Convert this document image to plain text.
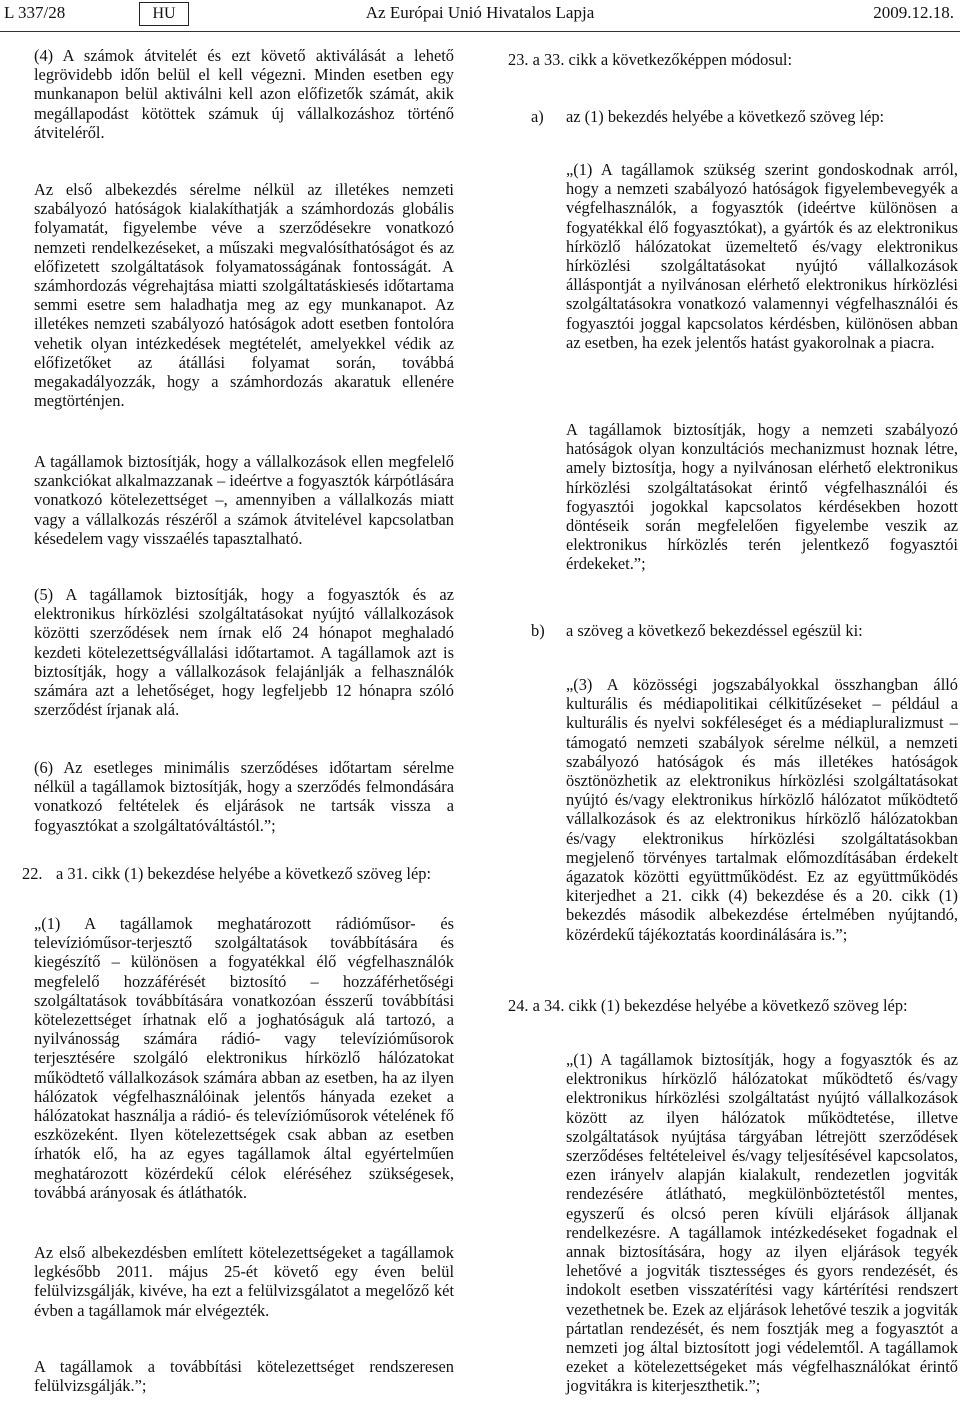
L 337/28	HU	Az Európai Unió Hivatalos Lapja	2009.12.18.

(4) A számok átvitelét és ezt követő aktiválását a lehető legrövidebb időn belül el kell végezni. Minden esetben egy munkanapon belül aktiválni kell azon előfizetők számát, akik megállapodást kötöttek számuk új vállalkozáshoz történő átviteléről.

Az első albekezdés sérelme nélkül az illetékes nemzeti szabályozó hatóságok kialakíthatják a számhordozás globális folyamatát, figyelembe véve a szerződésekre vonatkozó nemzeti rendelkezéseket, a műszaki megvalósíthatóságot és az előfizetett szolgáltatások folyamatosságának fontosságát. A számhordozás végrehajtása miatti szolgáltatáskiesés időtartama semmi esetre sem haladhatja meg az egy munkanapot. Az illetékes nemzeti szabályozó hatóságok adott esetben fontolóra vehetik olyan intézkedések megtételét, amelyekkel védik az előfizetőket az átállási folyamat során, továbbá megakadályozzák, hogy a számhordozás akaratuk ellenére megtörténjen.

A tagállamok biztosítják, hogy a vállalkozások ellen megfelelő szankciókat alkalmazzanak – ideértve a fogyasztók kárpótlására vonatkozó kötelezettséget –, amennyiben a vállalkozás miatt vagy a vállalkozás részéről a számok átvitelével kapcsolatban késedelem vagy visszaélés tapasztalható.

(5) A tagállamok biztosítják, hogy a fogyasztók és az elektronikus hírközlési szolgáltatásokat nyújtó vállalkozások közötti szerződések nem írnak elő 24 hónapot meghaladó kezdeti kötelezettségvállalási időtartamot. A tagállamok azt is biztosítják, hogy a vállalkozások felajánlják a felhasználók számára azt a lehetőséget, hogy legfeljebb 12 hónapra szóló szerződést írjanak alá.

(6) Az esetleges minimális szerződéses időtartam sérelme nélkül a tagállamok biztosítják, hogy a szerződés felmondására vonatkozó feltételek és eljárások ne tartsák vissza a fogyasztókat a szolgáltatóváltástól.”;

22. a 31. cikk (1) bekezdése helyébe a következő szöveg lép:

„(1) A tagállamok meghatározott rádióműsor- és televízióműsor-terjesztő szolgáltatások továbbítására és kiegészítő – különösen a fogyatékkal élő végfelhasználók megfelelő hozzáférését biztosító – hozzáférhetőségi szolgáltatások továbbítására vonatkozóan ésszerű továbbítási kötelezettséget írhatnak elő a joghatóságuk alá tartozó, a nyilvánosság számára rádió- vagy televízióműsorok terjesztésére szolgáló elektronikus hírközlő hálózatokat működtető vállalkozások számára abban az esetben, ha az ilyen hálózatok végfelhasználóinak jelentős hányada ezeket a hálózatokat használja a rádió- és televízióműsorok vételének fő eszközeként. Ilyen kötelezettségek csak abban az esetben írhatók elő, ha az egyes tagállamok által egyértelműen meghatározott közérdekű célok eléréséhez szükségesek, továbbá arányosak és átláthatók.

Az első albekezdésben említett kötelezettségeket a tagállamok legkésőbb 2011. május 25-ét követő egy éven belül felülvizsgálják, kivéve, ha ezt a felülvizsgálatot a megelőző két évben a tagállamok már elvégezték.

A tagállamok a továbbítási kötelezettséget rendszeresen felülvizsgálják.”;

23. a 33. cikk a következőképpen módosul:
a) az (1) bekezdés helyébe a következő szöveg lép:

„(1) A tagállamok szükség szerint gondoskodnak arról, hogy a nemzeti szabályozó hatóságok figyelembevegyék a végfelhasználók, a fogyasztók (ideértve különösen a fogyatékkal élő fogyasztókat), a gyártók és az elektronikus hírközlő hálózatokat üzemeltető és/vagy elektronikus hírközlési szolgáltatásokat nyújtó vállalkozások álláspontját a nyilvánosan elérhető elektronikus hírközlési szolgáltatásokra vonatkozó valamennyi végfelhasználói és fogyasztói joggal kapcsolatos kérdésben, különösen abban az esetben, ha ezek jelentős hatást gyakorolnak a piacra.

A tagállamok biztosítják, hogy a nemzeti szabályozó hatóságok olyan konzultációs mechanizmust hoznak létre, amely biztosítja, hogy a nyilvánosan elérhető elektronikus hírközlési szolgáltatásokat érintő végfelhasználói és fogyasztói jogokkal kapcsolatos kérdésekben hozott döntéseik során megfelelően figyelembe veszik az elektronikus hírközlés terén jelentkező fogyasztói érdekeket.”;

b) a szöveg a következő bekezdéssel egészül ki:

„(3) A közösségi jogszabályokkal összhangban álló kulturális és médiapolitikai célkitűzéseket – például a kulturális és nyelvi sokféleséget és a médiapluralizmust – támogató nemzeti szabályok sérelme nélkül, a nemzeti szabályozó hatóságok és más illetékes hatóságok ösztönözhetik az elektronikus hírközlési szolgáltatásokat nyújtó és/vagy elektronikus hírközlő hálózatot működtető vállalkozások és az elektronikus hírközlő hálózatokban és/vagy elektronikus hírközlési szolgáltatásokban megjelenő törvényes tartalmak előmozdításában érdekelt ágazatok közötti együttműködést. Ez az együttműködés kiterjedhet a 21. cikk (4) bekezdése és a 20. cikk (1) bekezdés második albekezdése értelmében nyújtandó, közérdekű tájékoztatás koordinálására is.”;

24. a 34. cikk (1) bekezdése helyébe a következő szöveg lép:

„(1) A tagállamok biztosítják, hogy a fogyasztók és az elektronikus hírközlő hálózatokat működtető és/vagy elektronikus hírközlési szolgáltatást nyújtó vállalkozások között az ilyen hálózatok működtetése, illetve szolgáltatások nyújtása tárgyában létrejött szerződések szerződéses feltételeivel és/vagy teljesítésével kapcsolatos, ezen irányelv alapján kialakult, rendezetlen jogviták rendezésére átlátható, megkülönböztetéstől mentes, egyszerű és olcsó peren kívüli eljárások álljanak rendelkezésre. A tagállamok intézkedéseket fogadnak el annak biztosítására, hogy az ilyen eljárások tegyék lehetővé a jogviták tisztességes és gyors rendezését, és indokolt esetben visszatérítési vagy kártérítési rendszert vezethetnek be. Ezek az eljárások lehetővé teszik a jogviták pártatlan rendezését, és nem fosztják meg a fogyasztót a nemzeti jog által biztosított jogi védelemtől. A tagállamok ezeket a kötelezettségeket más végfelhasználókat érintő jogvitákra is kiterjeszthetik.”;
